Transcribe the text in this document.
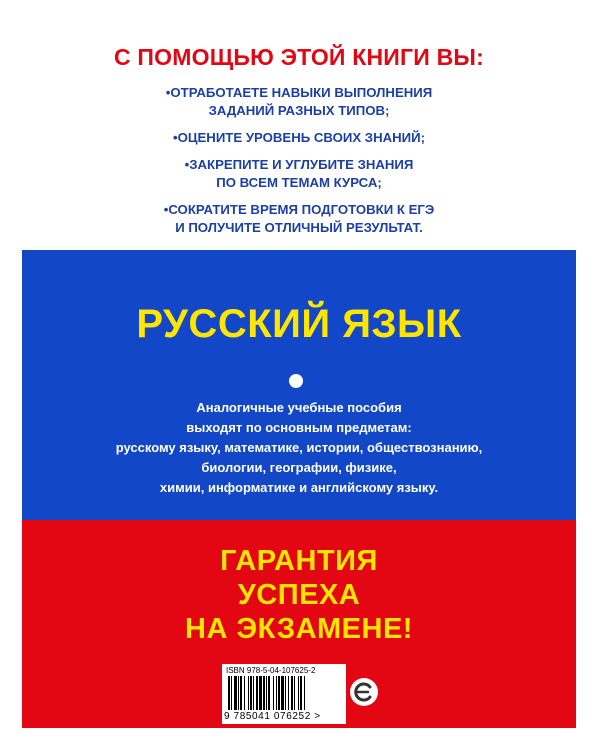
С ПОМОЩЬЮ ЭТОЙ КНИГИ ВЫ:
•ОТРАБОТАЕТЕ НАВЫКИ ВЫПОЛНЕНИЯ
ЗАДАНИЙ РАЗНЫХ ТИПОВ;
•ОЦЕНИТЕ УРОВЕНЬ СВОИХ ЗНАНИЙ;
•ЗАКРЕПИТЕ И УГЛУБИТЕ ЗНАНИЯ
ПО ВСЕМ ТЕМАМ КУРСА;
•СОКРАТИТЕ ВРЕМЯ ПОДГОТОВКИ К ЕГЭ
И ПОЛУЧИТЕ ОТЛИЧНЫЙ РЕЗУЛЬТАТ.
РУССКИЙ ЯЗЫК
Аналогичные учебные пособия
выходят по основным предметам:
русскому языку, математике, истории, обществознанию,
биологии, географии, физике,
химии, информатике и английскому языку.
ГАРАНТИЯ
УСПЕХА
НА ЭКЗАМЕНЕ!
ISBN 978-5-04-107625-2
9 785041 076252 >
